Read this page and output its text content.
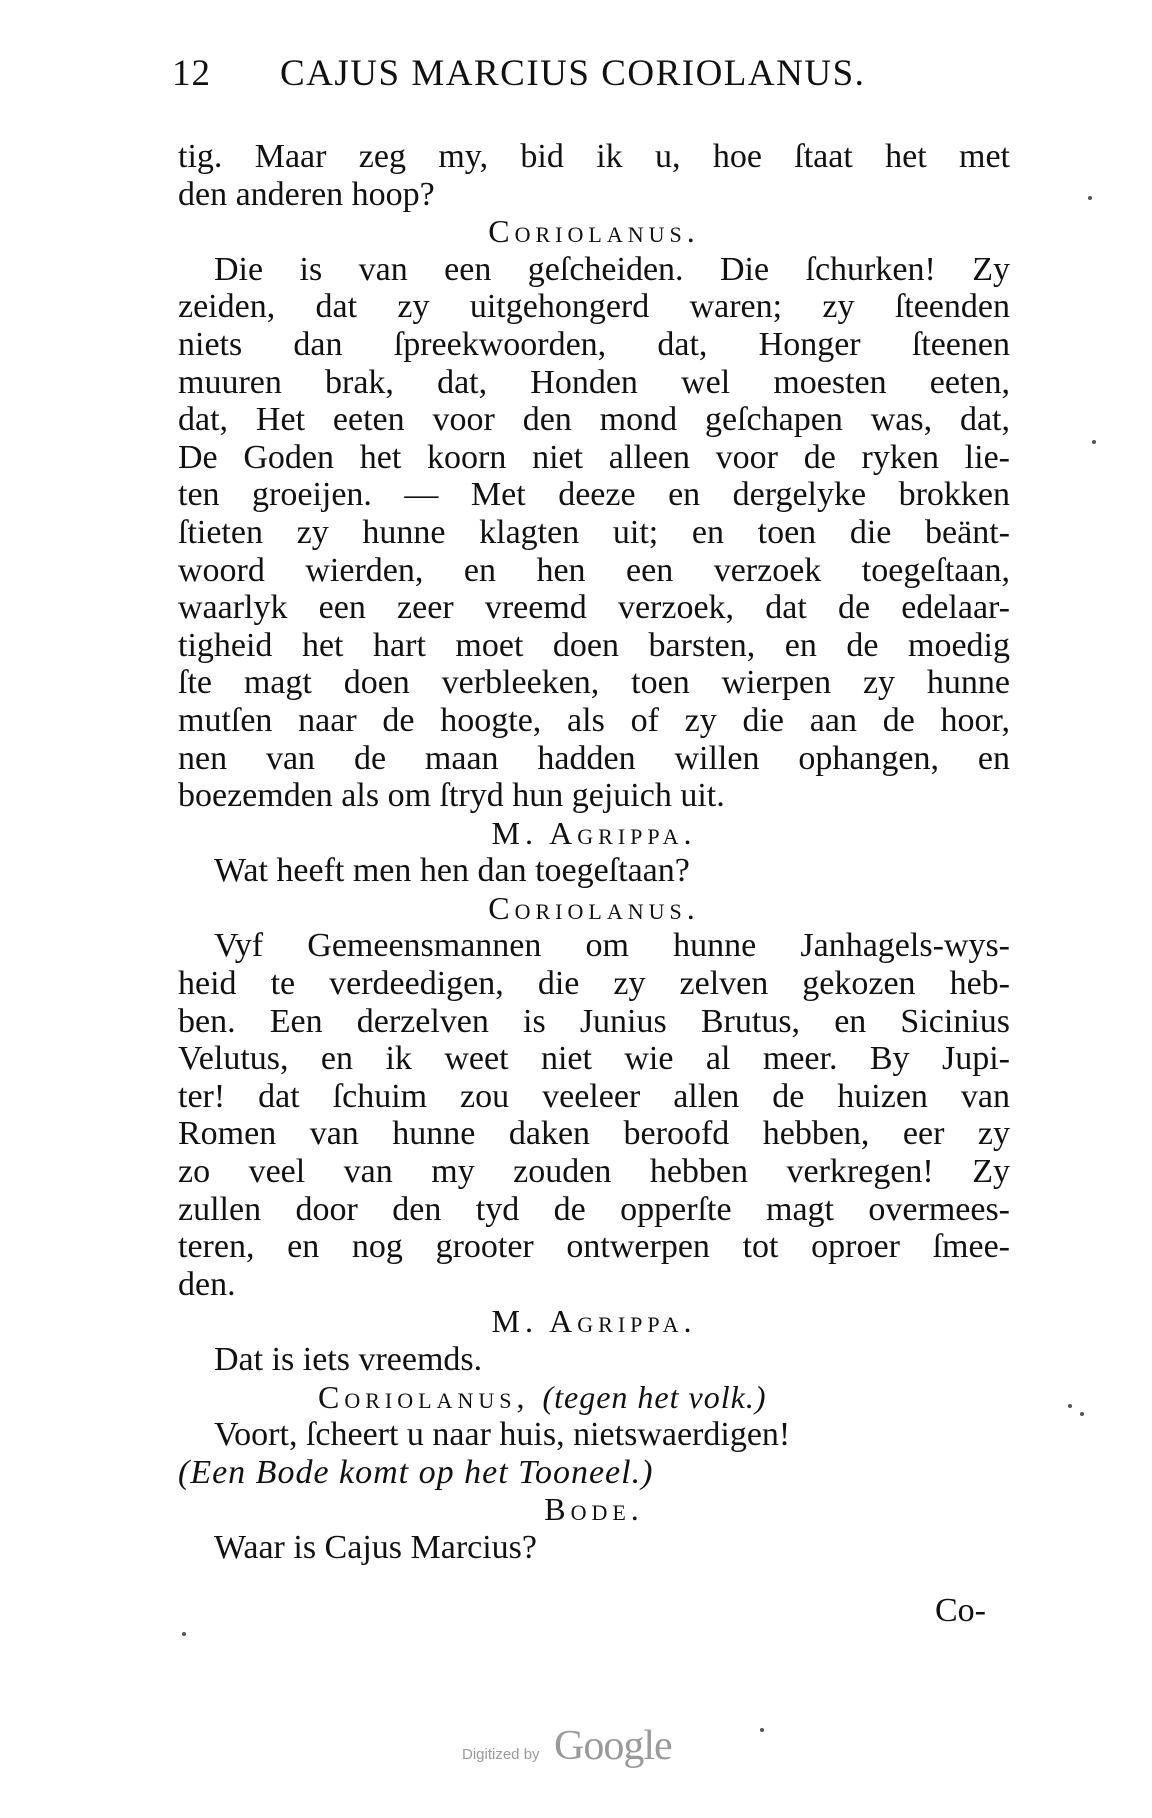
12 CAJUS MARCIUS CORIOLANUS.
tig. Maar zeg my, bid ik u, hoe ſtaat het met
den anderen hoop?
Coriolanus.
Die is van een geſcheiden. Die ſchurken! Zy
zeiden, dat zy uitgehongerd waren; zy ſteenden
niets dan ſpreekwoorden, dat, Honger ſteenen
muuren brak, dat, Honden wel moesten eeten,
dat, Het eeten voor den mond geſchapen was, dat,
De Goden het koorn niet alleen voor de ryken lie-
ten groeijen. — Met deeze en dergelyke brokken
ſtieten zy hunne klagten uit; en toen die beänt-
woord wierden, en hen een verzoek toegeſtaan,
waarlyk een zeer vreemd verzoek, dat de edelaar-
tigheid het hart moet doen barsten, en de moedig
ſte magt doen verbleeken, toen wierpen zy hunne
mutſen naar de hoogte, als of zy die aan de hoor,
nen van de maan hadden willen ophangen, en
boezemden als om ſtryd hun gejuich uit.
M. Agrippa.
Wat heeft men hen dan toegeſtaan?
Coriolanus.
Vyf Gemeensmannen om hunne Janhagels-wys-
heid te verdeedigen, die zy zelven gekozen heb-
ben. Een derzelven is Junius Brutus, en Sicinius
Velutus, en ik weet niet wie al meer. By Jupi-
ter! dat ſchuim zou veeleer allen de huizen van
Romen van hunne daken beroofd hebben, eer zy
zo veel van my zouden hebben verkregen! Zy
zullen door den tyd de opperſte magt overmees-
teren, en nog grooter ontwerpen tot oproer ſmee-
den.
M. Agrippa.
Dat is iets vreemds.
Coriolanus, (tegen het volk.)
Voort, ſcheert u naar huis, nietswaerdigen!
(Een Bode komt op het Tooneel.)
Bode.
Waar is Cajus Marcius?
Co-
Digitized by Google
